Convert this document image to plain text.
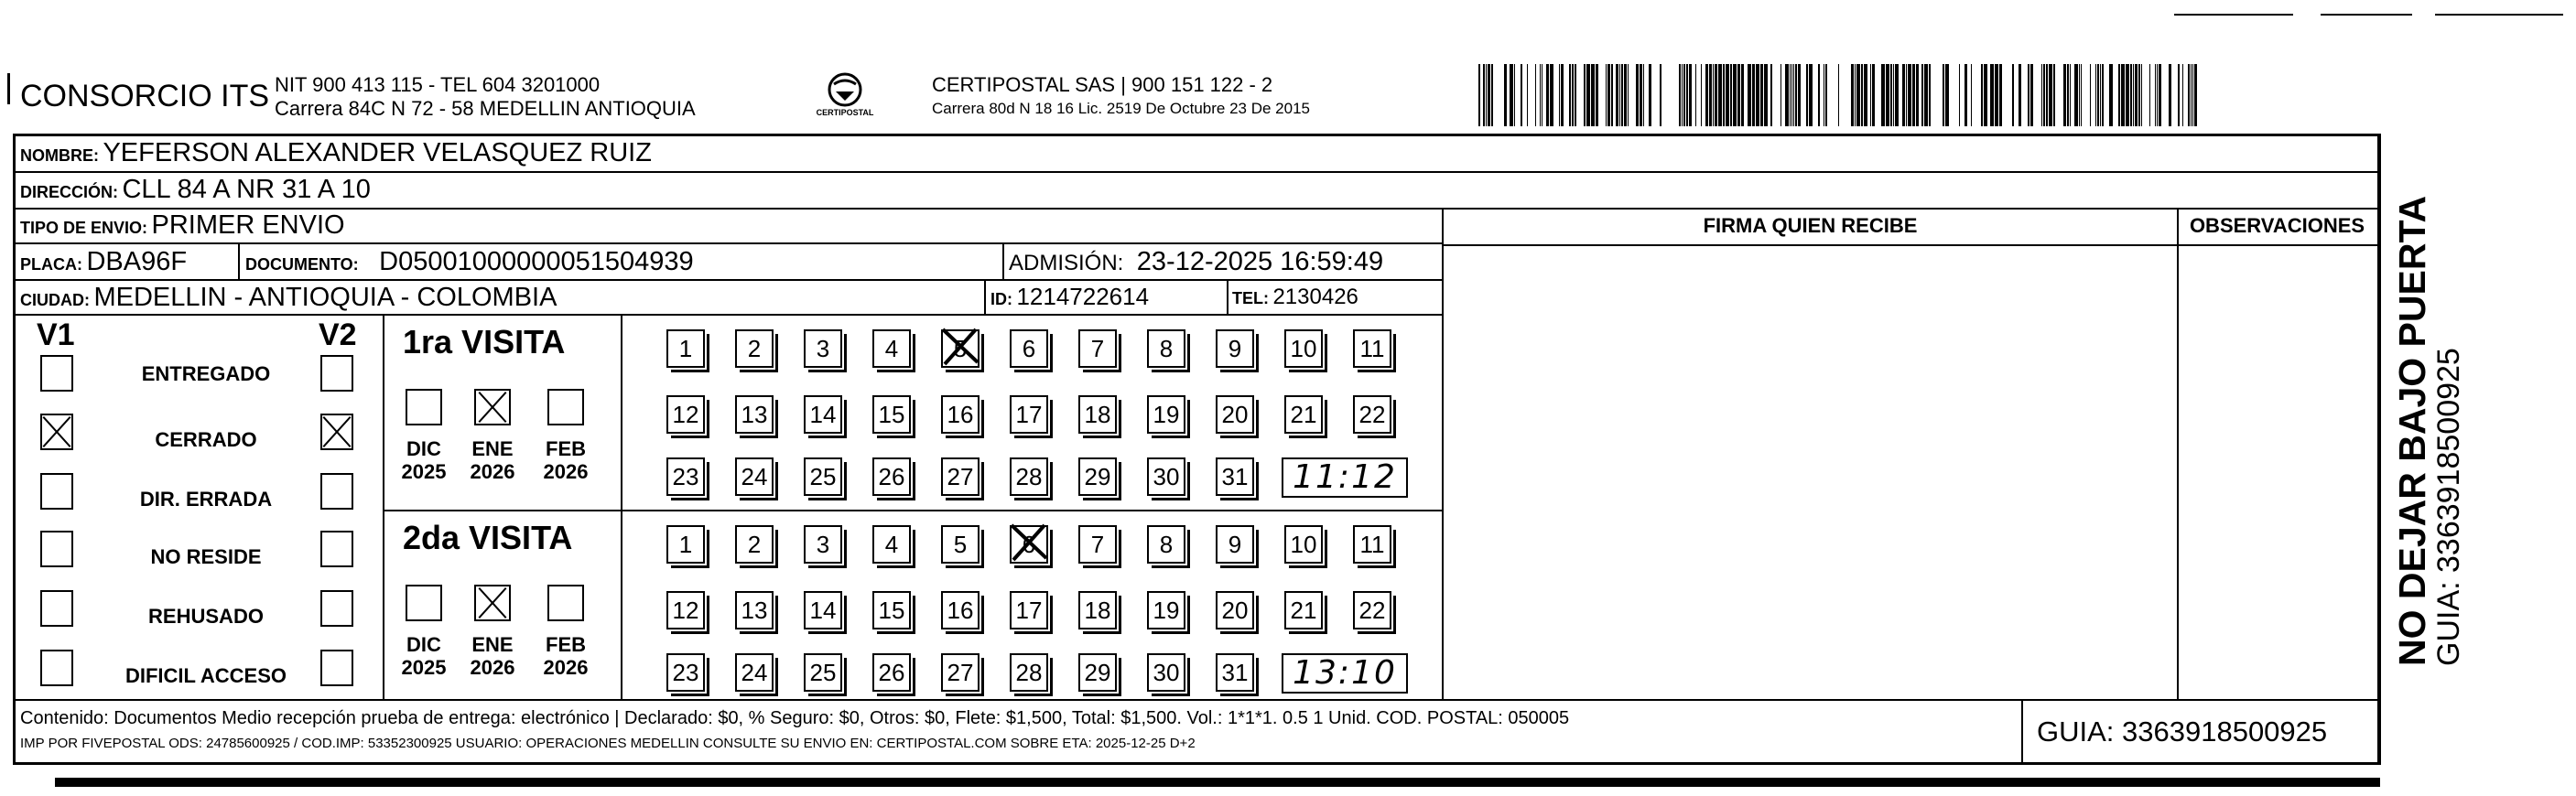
CONSORCIO ITS NIT 900 413 115 - TEL 604 3201000
Carrera 84C N 72 - 58 MEDELLIN ANTIOQUIA	CERTIPOSTAL
CERTIPOSTAL SAS | 900 151 122 - 2
Carrera 80d N 18 16 Lic. 2519 De Octubre 23 De 2015
NOMBRE: YEFERSON ALEXANDER VELASQUEZ RUIZ
DIRECCIÓN: CLL 84 A NR 31 A 10
TIPO DE ENVIO: PRIMER ENVIO
PLACA: DBA96F	DOCUMENTO: D05001000000051504939	ADMISIÓN: 23-12-2025 16:59:49
CIUDAD: MEDELLIN - ANTIOQUIA - COLOMBIA	ID: 1214722614	TEL: 2130426
FIRMA QUIEN RECIBE	OBSERVACIONES
V1	V2
ENTREGADO
CERRADO
DIR. ERRADA
NO RESIDE
REHUSADO
DIFICIL ACCESO
1ra VISITA
DIC
2025
ENE
2026
FEB
2026
1	2	3	4	5	6	7	8	9	10 11
12 13 14 15 16 17 18 19 20 21 22
23 24 25 26 27 28 29 30 31	11:12
2da VISITA
DIC
2025
ENE
2026
FEB
2026
1	2	3	4	5	6	7	8	9	10 11
12 13 14 15 16 17 18 19 20 21 22
23 24 25 26 27 28 29 30 31	13:10
Contenido: Documentos Medio recepción prueba de entrega: electrónico | Declarado: $0, % Seguro: $0, Otros: $0, Flete: $1,500, Total: $1,500. Vol.: 1*1*1. 0.5 1 Unid. COD. POSTAL: 050005
IMP POR FIVEPOSTAL ODS: 24785600925 / COD.IMP: 53352300925 USUARIO: OPERACIONES MEDELLIN CONSULTE SU ENVIO EN: CERTIPOSTAL.COM SOBRE ETA: 2025-12-25 D+2	GUIA: 3363918500925
NO DEJAR BAJO PUERTA
GUIA: 3363918500925
